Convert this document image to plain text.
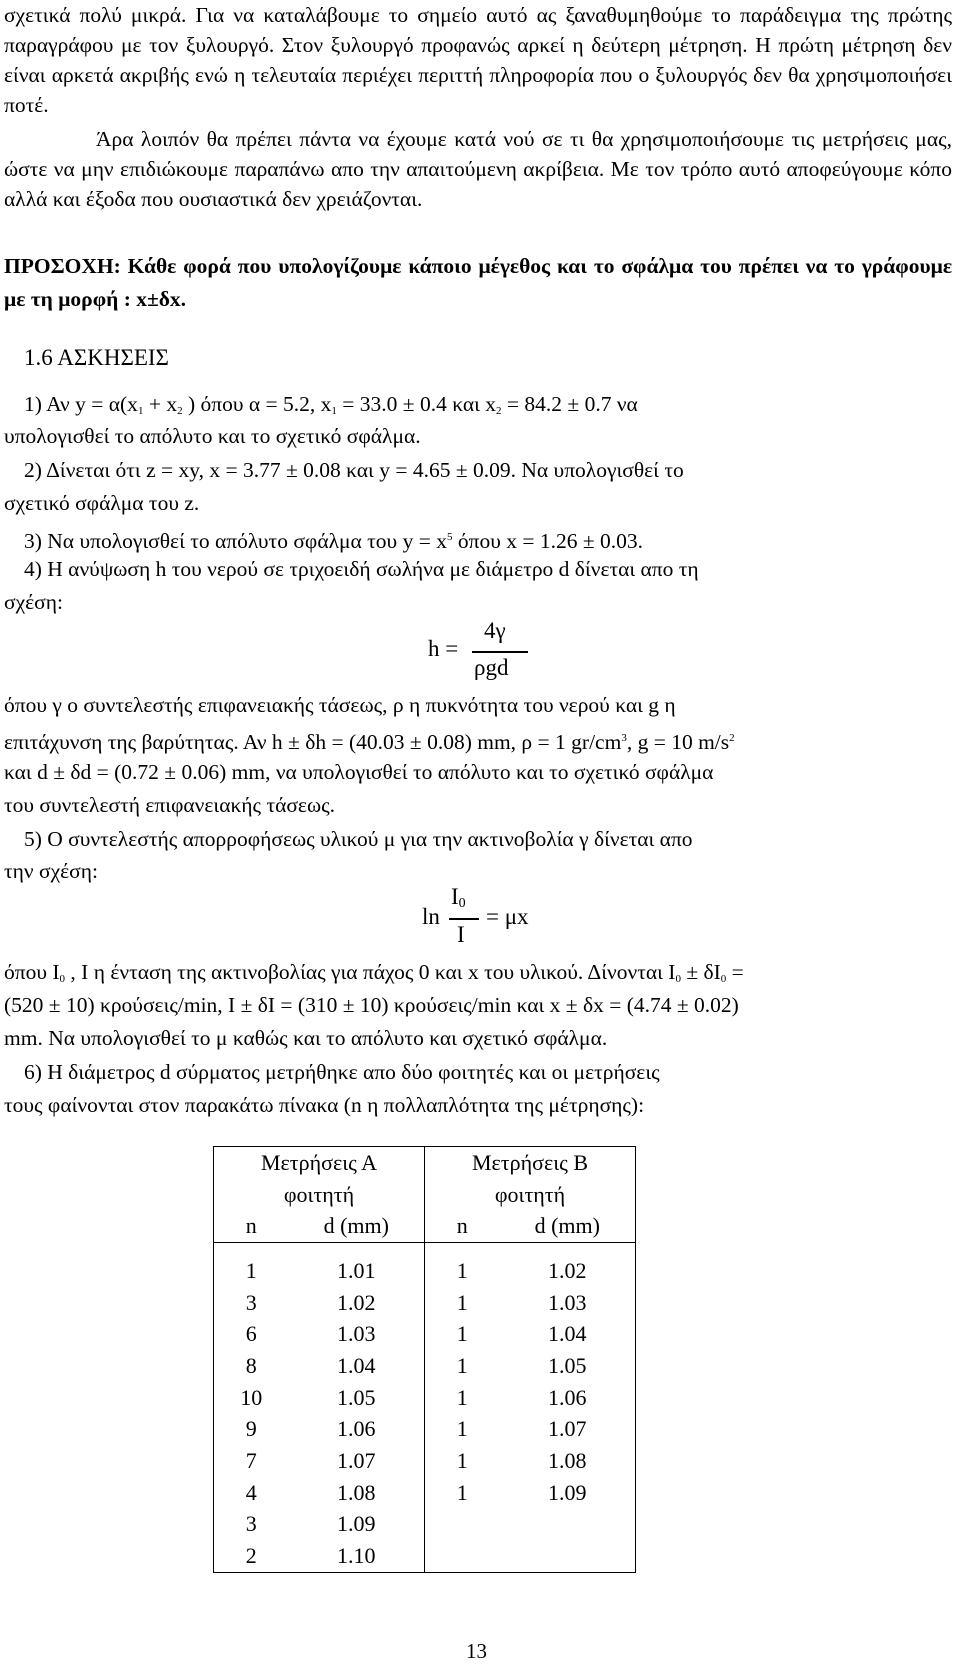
σχετικά πολύ μικρά. Για να καταλάβουμε το σημείο αυτό ας ξαναθυμηθούμε το παράδειγμα της πρώτης παραγράφου με τον ξυλουργό. Στον ξυλουργό προφανώς αρκεί η δεύτερη μέτρηση. Η πρώτη μέτρηση δεν είναι αρκετά ακριβής ενώ η τελευταία περιέχει περιττή πληροφορία που ο ξυλουργός δεν θα χρησιμοποιήσει ποτέ.
Άρα λοιπόν θα πρέπει πάντα να έχουμε κατά νού σε τι θα χρησιμοποιήσουμε τις μετρήσεις μας, ώστε να μην επιδιώκουμε παραπάνω απο την απαιτούμενη ακρίβεια. Με τον τρόπο αυτό αποφεύγουμε κόπο αλλά και έξοδα που ουσιαστικά δεν χρειάζονται.
ΠΡΟΣΟΧΗ: Κάθε φορά που υπολογίζουμε κάποιο μέγεθος και το σφάλμα του πρέπει να το γράφουμε με τη μορφή : x±δx.
1.6 ΑΣΚΗΣΕΙΣ
1) Αν $y = \alpha(x_1 + x_2$ ) όπου α = 5.2, $x_1 = 33.0 \pm 0.4$ και $x_2 = 84.2 \pm 0.7$ να
υπολογισθεί το απόλυτο και το σχετικό σφάλμα.
2) Δίνεται ότι z = xy, x = 3.77 ± 0.08 και y = 4.65 ± 0.09. Να υπολογισθεί το
σχετικό σφάλμα του z.
3) Να υπολογισθεί το απόλυτο σφάλμα του $y = x^5$ όπου x = 1.26 ± 0.03.
4) Η ανύψωση h του νερού σε τριχοειδή σωλήνα με διάμετρο d δίνεται απο τη
σχέση:
h =
4γ
ρgd
όπου γ ο συντελεστής επιφανειακής τάσεως, ρ η πυκνότητα του νερού και g η
επιτάχυνση της βαρύτητας. Αν h ± δh = (40.03 ± 0.08) mm, ρ = 1 $gr/cm^3$, g = 10 $m/s^2$
και d ± δd = (0.72 ± 0.06) mm, να υπολογισθεί το απόλυτο και το σχετικό σφάλμα
του συντελεστή επιφανειακής τάσεως.
5) Ο συντελεστής απορροφήσεως υλικού μ για την ακτινοβολία γ δίνεται απο
την σχέση:
ln
$I_0$
I
= μx
όπου $I_0$ , I η ένταση της ακτινοβολίας για πάχος 0 και x του υλικού. Δίνονται $I_0 \pm \delta I_0$ =
(520 ± 10) κρούσεις/min, I ± δI = (310 ± 10) κρούσεις/min και x ± δx = (4.74 ± 0.02)
mm. Να υπολογισθεί το μ καθώς και το απόλυτο και σχετικό σφάλμα.
6) Η διάμετρος d σύρματος μετρήθηκε απο δύο φοιτητές και οι μετρήσεις
τους φαίνονται στον παρακάτω πίνακα (n η πολλαπλότητα της μέτρησης):
Μετρήσεις Α		Μετρήσεις Β	
φοιτητή		φοιτητή	
n	d (mm)	n	d (mm)

1	1.01	1	1.02
3	1.02	1	1.03
6	1.03	1	1.04
8	1.04	1	1.05
10	1.05	1	1.06
9	1.06	1	1.07
7	1.07	1	1.08
4	1.08	1	1.09
3	1.09		
2	1.10		
13
